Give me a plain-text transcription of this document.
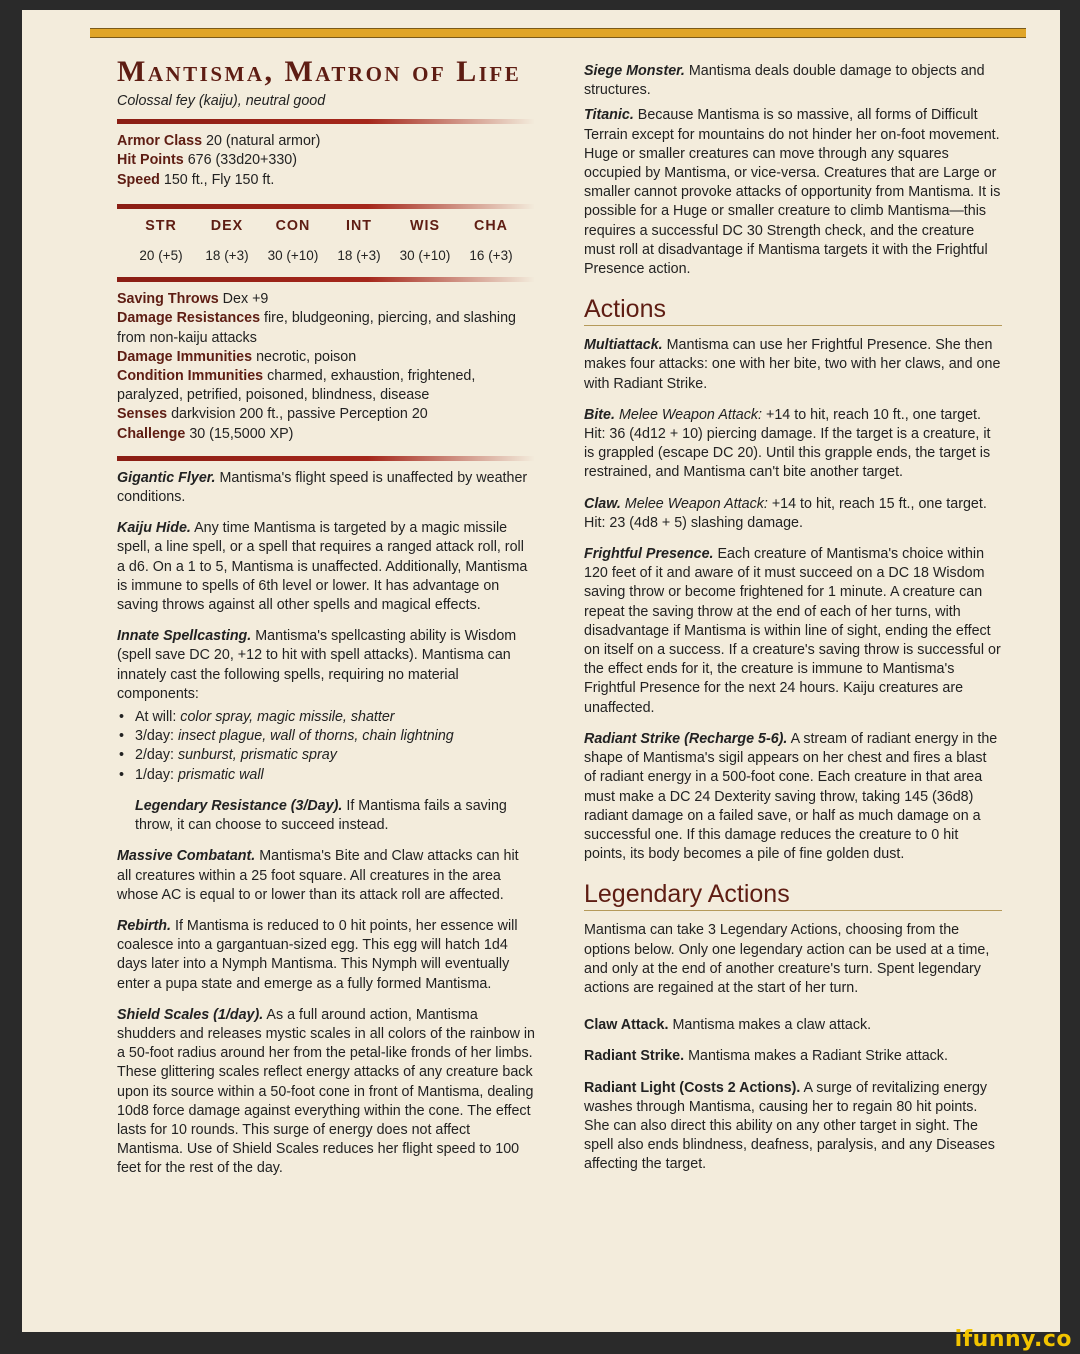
Mantisma, Matron of Life
Colossal fey (kaiju), neutral good

Armor Class 20 (natural armor)

Hit Points 676 (33d20+330)

Speed 150 ft., Fly 150 ft.

STR	DEX	CON	INT	WIS	CHA
20 (+5)	18 (+3)	30 (+10)	18 (+3)	30 (+10)	16 (+3)

Saving Throws Dex +9

Damage Resistances fire, bludgeoning, piercing, and slashing from non-kaiju attacks

Damage Immunities necrotic, poison

Condition Immunities charmed, exhaustion, frightened, paralyzed, petrified, poisoned, blindness, disease

Senses darkvision 200 ft., passive Perception 20

Challenge 30 (15,5000 XP)

Gigantic Flyer. Mantisma's flight speed is unaffected by weather conditions.

Kaiju Hide. Any time Mantisma is targeted by a magic missile spell, a line spell, or a spell that requires a ranged attack roll, roll a d6. On a 1 to 5, Mantisma is unaffected. Additionally, Mantisma is immune to spells of 6th level or lower. It has advantage on saving throws against all other spells and magical effects.

Innate Spellcasting. Mantisma's spellcasting ability is Wisdom (spell save DC 20, +12 to hit with spell attacks). Mantisma can innately cast the following spells, requiring no material components:

• At will: color spray, magic missile, shatter
• 3/day: insect plague, wall of thorns, chain lightning
• 2/day: sunburst, prismatic spray
• 1/day: prismatic wall

Legendary Resistance (3/Day). If Mantisma fails a saving throw, it can choose to succeed instead.

Massive Combatant. Mantisma's Bite and Claw attacks can hit all creatures within a 25 foot square. All creatures in the area whose AC is equal to or lower than its attack roll are affected.

Rebirth. If Mantisma is reduced to 0 hit points, her essence will coalesce into a gargantuan-sized egg. This egg will hatch 1d4 days later into a Nymph Mantisma. This Nymph will eventually enter a pupa state and emerge as a fully formed Mantisma.

Shield Scales (1/day). As a full around action, Mantisma shudders and releases mystic scales in all colors of the rainbow in a 50-foot radius around her from the petal-like fronds of her limbs. These glittering scales reflect energy attacks of any creature back upon its source within a 50-foot cone in front of Mantisma, dealing 10d8 force damage against everything within the cone. The effect lasts for 10 rounds. This surge of energy does not affect Mantisma. Use of Shield Scales reduces her flight speed to 100 feet for the rest of the day.

Siege Monster. Mantisma deals double damage to objects and structures.

Titanic. Because Mantisma is so massive, all forms of Difficult Terrain except for mountains do not hinder her on-foot movement. Huge or smaller creatures can move through any squares occupied by Mantisma, or vice-versa. Creatures that are Large or smaller cannot provoke attacks of opportunity from Mantisma. It is possible for a Huge or smaller creature to climb Mantisma—this requires a successful DC 30 Strength check, and the creature must roll at disadvantage if Mantisma targets it with the Frightful Presence action.

Actions

Multiattack. Mantisma can use her Frightful Presence. She then makes four attacks: one with her bite, two with her claws, and one with Radiant Strike.

Bite. Melee Weapon Attack: +14 to hit, reach 10 ft., one target. Hit: 36 (4d12 + 10) piercing damage. If the target is a creature, it is grappled (escape DC 20). Until this grapple ends, the target is restrained, and Mantisma can't bite another target.

Claw. Melee Weapon Attack: +14 to hit, reach 15 ft., one target. Hit: 23 (4d8 + 5) slashing damage.

Frightful Presence. Each creature of Mantisma's choice within 120 feet of it and aware of it must succeed on a DC 18 Wisdom saving throw or become frightened for 1 minute. A creature can repeat the saving throw at the end of each of her turns, with disadvantage if Mantisma is within line of sight, ending the effect on itself on a success. If a creature's saving throw is successful or the effect ends for it, the creature is immune to Mantisma's Frightful Presence for the next 24 hours. Kaiju creatures are unaffected.

Radiant Strike (Recharge 5-6). A stream of radiant energy in the shape of Mantisma's sigil appears on her chest and fires a blast of radiant energy in a 500-foot cone. Each creature in that area must make a DC 24 Dexterity saving throw, taking 145 (36d8) radiant damage on a failed save, or half as much damage on a successful one. If this damage reduces the creature to 0 hit points, its body becomes a pile of fine golden dust.

Legendary Actions

Mantisma can take 3 Legendary Actions, choosing from the options below. Only one legendary action can be used at a time, and only at the end of another creature's turn. Spent legendary actions are regained at the start of her turn.

Claw Attack. Mantisma makes a claw attack.

Radiant Strike. Mantisma makes a Radiant Strike attack.

Radiant Light (Costs 2 Actions). A surge of revitalizing energy washes through Mantisma, causing her to regain 80 hit points. She can also direct this ability on any other target in sight. The spell also ends blindness, deafness, paralysis, and any Diseases affecting the target.

ifunny.co
